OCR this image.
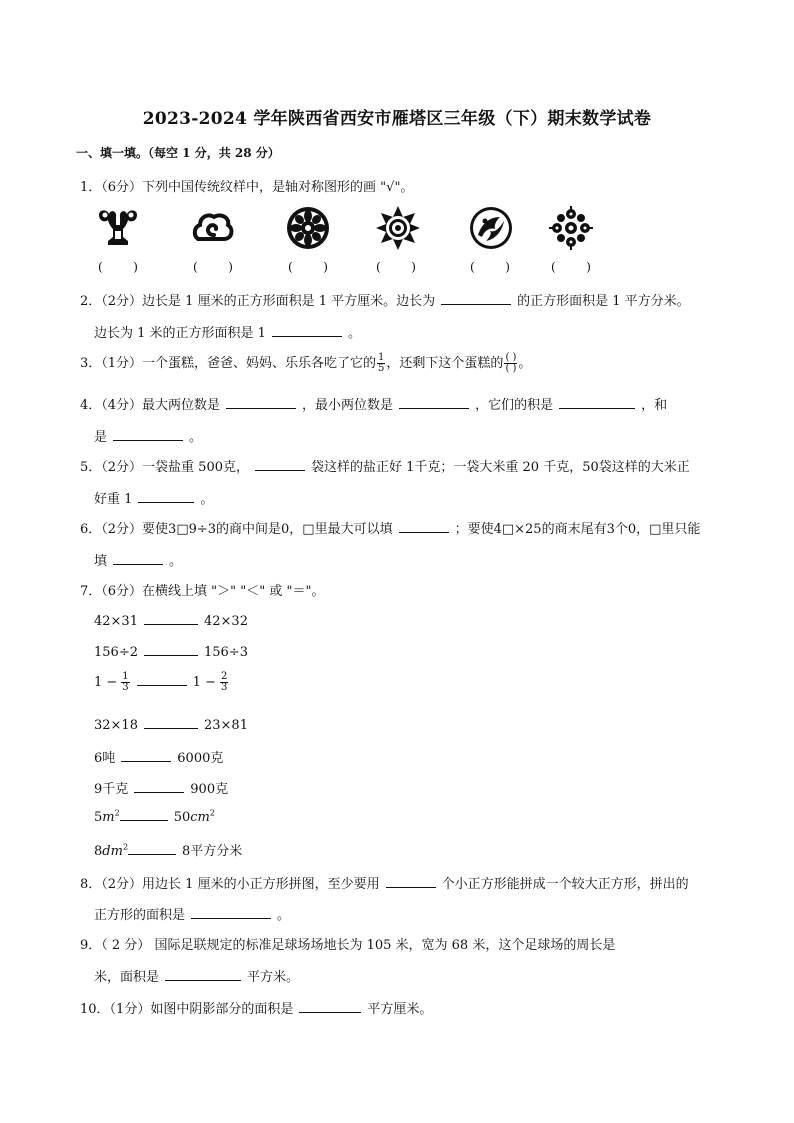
2023-2024 学年陕西省西安市雁塔区三年级（下）期末数学试卷
一、填一填。（每空 1 分，共 28 分）
1．（6分）下列中国传统纹样中，是轴对称图形的画 "√"。
(        )	(        )	(        )	(        )	(        )	(        )
2．（2分）边长是 1 厘米的正方形面积是 1 平方厘米。边长为	的正方形面积是 1 平方分米。
边长为 1 米的正方形面积是 1	。
3．（1分）一个蛋糕，爸爸、妈妈、乐乐各吃了它的 $\frac{1}{5}$ ，还剩下这个蛋糕的 $\frac{( )}{( )}$ 。
4．（4分）最大两位数是	，最小两位数是	，它们的积是	，和
是	。
5．（2分）一袋盐重 500克，	袋这样的盐正好 1千克；一袋大米重 20 千克，50袋这样的大米正
好重 1	。
6．（2分）要使3□9÷3的商中间是0，□里最大可以填	；要使4□×25的商末尾有3个0，□里只能
填	。
7．（6分）在横线上填 "＞" "＜" 或 "＝"。
42×31	42×32
156÷2	156÷3
$1 - \frac{1}{3}$	$1 - \frac{2}{3}$
32×18	23×81
6吨	6000克
9千克	900克
$5m^2$	$50cm^2$
$8dm^2$	8平方分米
8．（2分）用边长 1 厘米的小正方形拼图，至少要用	个小正方形能拼成一个较大正方形，拼出的
正方形的面积是	。
9．（ 2 分） 国际足联规定的标准足球场场地长为 105 米，宽为 68 米，这个足球场的周长是
米，面积是	平方米。
10．（1分）如图中阴影部分的面积是	平方厘米。
